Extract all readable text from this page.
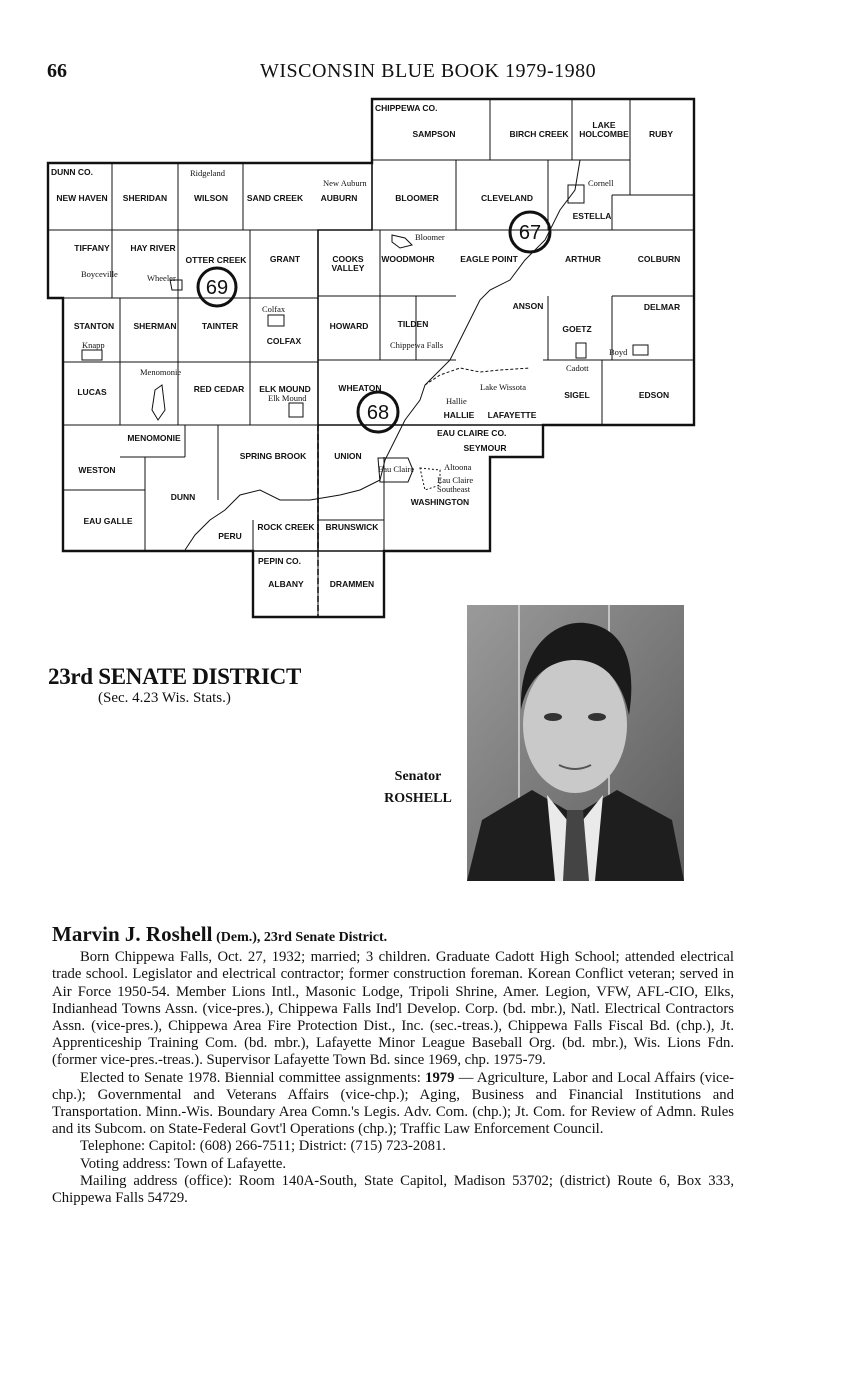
66	WISCONSIN BLUE BOOK 1979-1980
67
68
69
CHIPPEWA CO.
DUNN CO.
EAU CLAIRE CO.
PEPIN CO.
SAMPSON	BIRCH CREEK
LAKE
HOLCOMBE RUBY
NEW HAVEN SHERIDAN	WILSON SAND CREEK AUBURN	BLOOMER	CLEVELAND
ESTELLA
TIFFANY HAY RIVER
OTTER CREEK	GRANT	COOKS
VALLEY
WOODMOHR	EAGLE POINT	ARTHUR	COLBURN
ANSON	DELMAR
STANTON SHERMAN	TAINTER
COLFAX
HOWARD	TILDEN	GOETZ
LUCAS	RED CEDAR ELK MOUND	WHEATON
HALLIE LAFAYETTE
SIGEL	EDSON
MENOMONIE
SPRING BROOK	UNION
SEYMOUR
WESTON
DUNN
EAU GALLE
PERU
ROCK CREEK BRUNSWICK
WASHINGTON
ALBANY	DRAMMEN
Ridgeland
New Auburn	Cornell
Bloomer
Boyceville	Wheeler
Colfax
Knapp	Chippewa Falls
Boyd
Cadott
Menomonie
Elk Mound	Hallie
Lake Wissota
Eau Claire	Altoona
Eau Claire
Southeast
23rd SENATE DISTRICT
(Sec. 4.23 Wis. Stats.)
Senator
ROSHELL

Marvin J. Roshell (Dem.), 23rd Senate District.

Born Chippewa Falls, Oct. 27, 1932; married; 3 children. Graduate Cadott High School; attended electrical trade school. Legislator and electrical contractor; former construction foreman. Korean Conflict veteran; served in Air Force 1950-54. Member Lions Intl., Masonic Lodge, Tripoli Shrine, Amer. Legion, VFW, AFL-CIO, Elks, Indianhead Towns Assn. (vice-pres.), Chippewa Falls Ind'l Develop. Corp. (bd. mbr.), Natl. Electrical Contractors Assn. (vice-pres.), Chippewa Area Fire Protection Dist., Inc. (sec.-treas.), Chippewa Falls Fiscal Bd. (chp.), Jt. Apprenticeship Training Com. (bd. mbr.), Lafayette Minor League Baseball Org. (bd. mbr.), Wis. Lions Fdn. (former vice-pres.-treas.). Supervisor Lafayette Town Bd. since 1969, chp. 1975-79.

Elected to Senate 1978. Biennial committee assignments: 1979 — Agriculture, Labor and Local Affairs (vice-chp.); Governmental and Veterans Affairs (vice-chp.); Aging, Business and Financial Institutions and Transportation. Minn.-Wis. Boundary Area Comn.'s Legis. Adv. Com. (chp.); Jt. Com. for Review of Admn. Rules and its Subcom. on State-Federal Govt'l Operations (chp.); Traffic Law Enforcement Council.

Telephone: Capitol: (608) 266-7511; District: (715) 723-2081.

Voting address: Town of Lafayette.

Mailing address (office): Room 140A-South, State Capitol, Madison 53702; (district) Route 6, Box 333, Chippewa Falls 54729.
